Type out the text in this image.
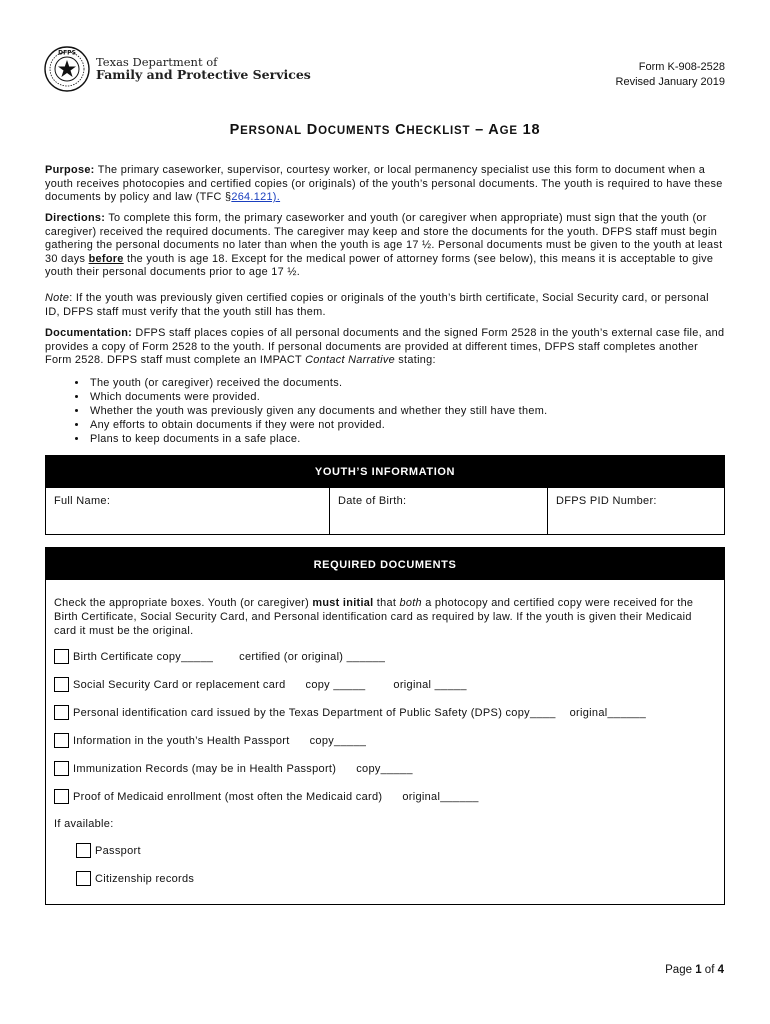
DFPS
Texas Department of
Family and Protective Services
Form K-908-2528
Revised January 2019
PERSONAL DOCUMENTS CHECKLIST – AGE 18

Purpose: The primary caseworker, supervisor, courtesy worker, or local permanency specialist use this form to document when a youth receives photocopies and certified copies (or originals) of the youth’s personal documents. The youth is required to have these documents by policy and law (TFC §264.121).

Directions: To complete this form, the primary caseworker and youth (or caregiver when appropriate) must sign that the youth (or caregiver) received the required documents. The caregiver may keep and store the documents for the youth. DFPS staff must begin gathering the personal documents no later than when the youth is age 17 ½. Personal documents must be given to the youth at least 30 days before the youth is age 18. Except for the medical power of attorney forms (see below), this means it is acceptable to give youth their personal documents prior to age 17 ½.

Note: If the youth was previously given certified copies or originals of the youth’s birth certificate, Social Security card, or personal ID, DFPS staff must verify that the youth still has them.

Documentation: DFPS staff places copies of all personal documents and the signed Form 2528 in the youth’s external case file, and provides a copy of Form 2528 to the youth. If personal documents are provided at different times, DFPS staff completes another Form 2528. DFPS staff must complete an IMPACT Contact Narrative stating:

• The youth (or caregiver) received the documents.
• Which documents were provided.
• Whether the youth was previously given any documents and whether they still have them.
• Any efforts to obtain documents if they were not provided.
• Plans to keep documents in a safe place.
YOUTH’S INFORMATION
Full Name:	Date of Birth:	DFPS PID Number:
REQUIRED DOCUMENTS
Check the appropriate boxes. Youth (or caregiver) must initial that both a photocopy and certified copy were received for the Birth Certificate, Social Security Card, and Personal identification card as required by law. If the youth is given their Medicaid card it must be the original.
Birth Certificate copy_____ certified (or original) ______
Social Security Card or replacement card copy _____	original _____
Personal identification card issued by the Texas Department of Public Safety (DPS) copy____ original______
Information in the youth’s Health Passport copy_____
Immunization Records (may be in Health Passport) copy_____
Proof of Medicaid enrollment (most often the Medicaid card) original______
If available:
Passport
Citizenship records
Page 1 of 4
